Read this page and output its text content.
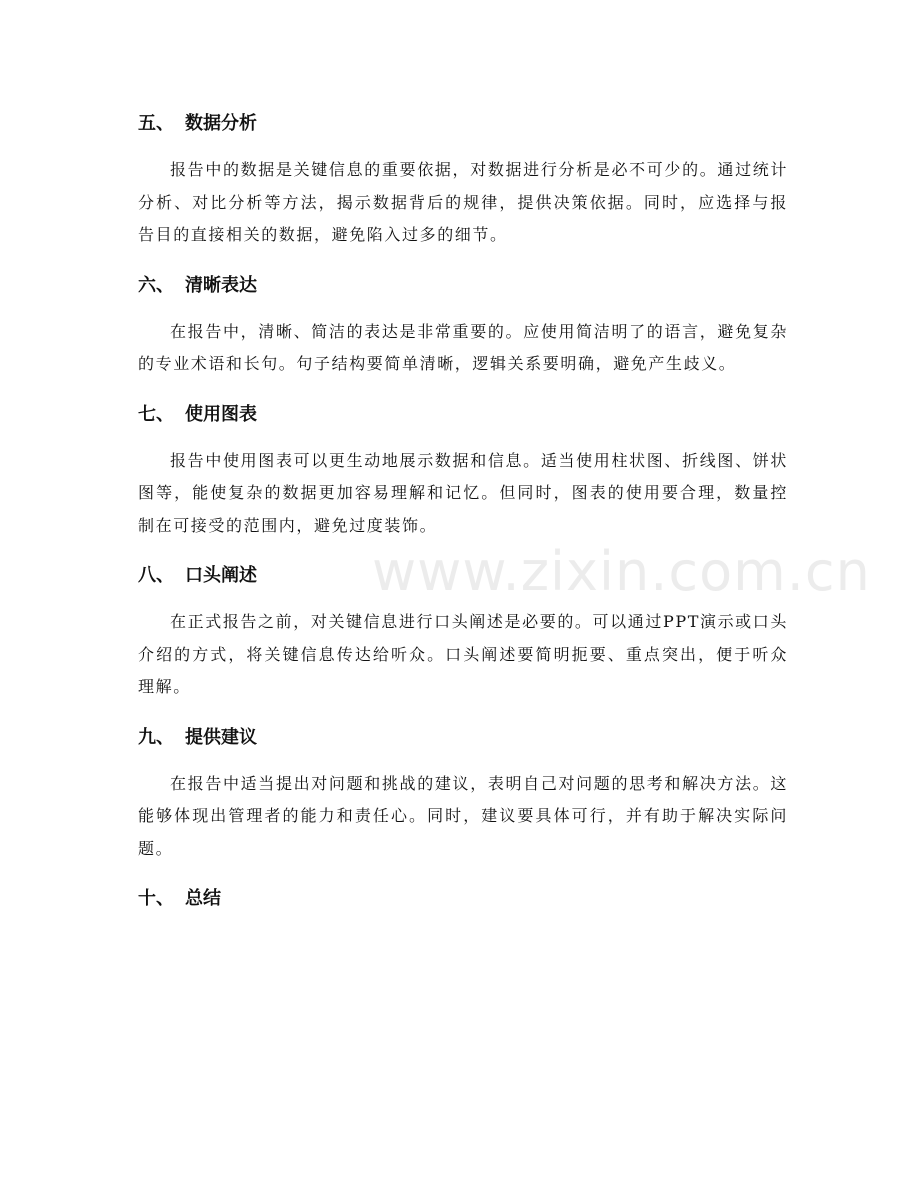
五、 数据分析

报告中的数据是关键信息的重要依据，对数据进行分析是必不可少的。通过统计分析、对比分析等方法，揭示数据背后的规律，提供决策依据。同时，应选择与报告目的直接相关的数据，避免陷入过多的细节。

六、 清晰表达

在报告中，清晰、简洁的表达是非常重要的。应使用简洁明了的语言，避免复杂的专业术语和长句。句子结构要简单清晰，逻辑关系要明确，避免产生歧义。

七、 使用图表

报告中使用图表可以更生动地展示数据和信息。适当使用柱状图、折线图、饼状图等，能使复杂的数据更加容易理解和记忆。但同时，图表的使用要合理，数量控制在可接受的范围内，避免过度装饰。

八、 口头阐述

在正式报告之前，对关键信息进行口头阐述是必要的。可以通过PPT演示或口头介绍的方式，将关键信息传达给听众。口头阐述要简明扼要、重点突出，便于听众理解。

九、 提供建议

在报告中适当提出对问题和挑战的建议，表明自己对问题的思考和解决方法。这能够体现出管理者的能力和责任心。同时，建议要具体可行，并有助于解决实际问题。

十、 总结
www.zixin.com.cn
